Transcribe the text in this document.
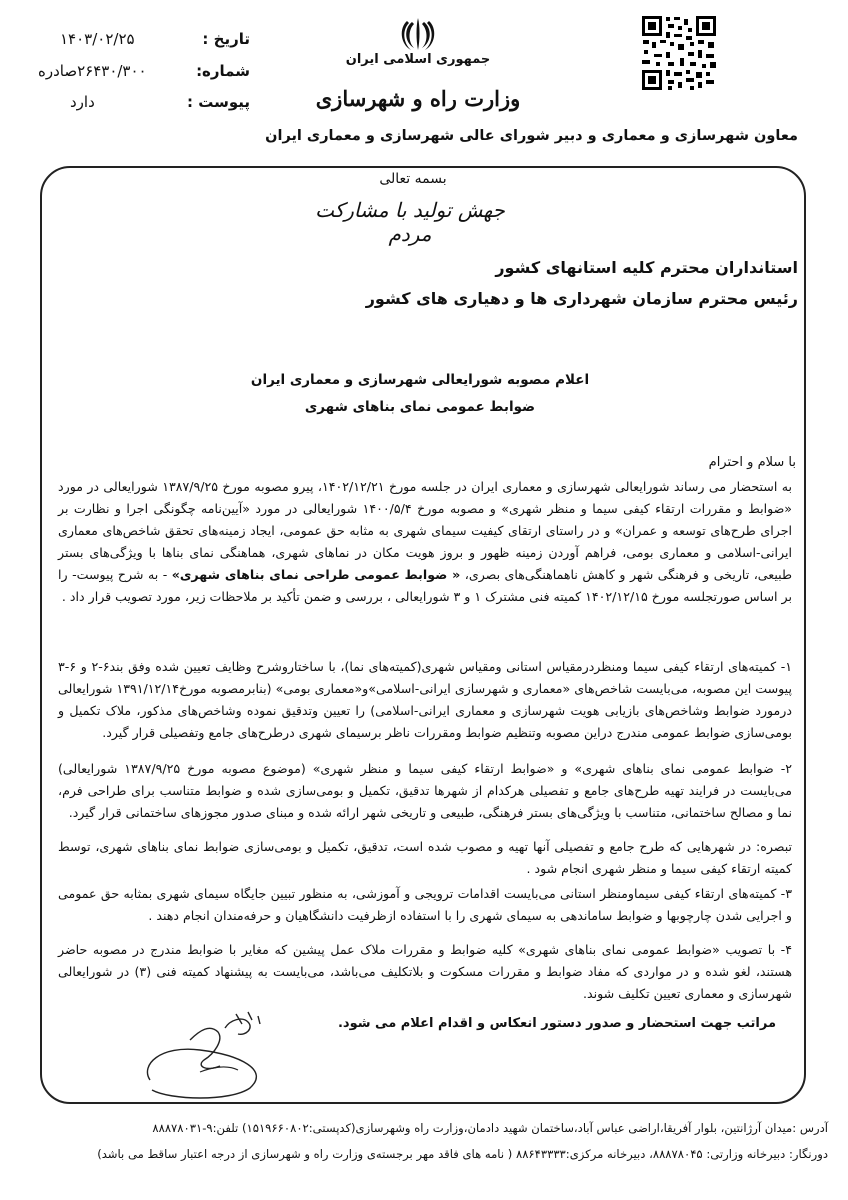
تاریخ :
۱۴۰۳/۰۲/۲۵
شماره:
۲۶۴۳۰/۳۰۰صادره
پیوست :
دارد
جمهوری اسلامی ایران
وزارت راه و شهرسازی
معاون شهرسازی و معماری و دبیر شورای عالی شهرسازی و معماری ایران
بسمه تعالی
جهش تولید با مشارکت مردم
استانداران محترم کلیه استانهای کشور
رئیس محترم سازمان شهرداری ها و دهیاری های کشور
اعلام مصوبه شورایعالی شهرسازی و معماری ایران
ضوابط عمومی نمای بناهای شهری
با سلام و احترام

به استحضار می رساند شورایعالی شهرسازی و معماری ایران در جلسه مورخ ۱۴۰۲/۱۲/۲۱، پیرو مصوبه مورخ ۱۳۸۷/۹/۲۵ شورایعالی در مورد «ضوابط و مقررات ارتقاء کیفی سیما و منظر شهری» و مصوبه مورخ ۱۴۰۰/۵/۴ شورایعالی در مورد «آیین‌نامه چگونگی اجرا و نظارت بر اجرای طرح‌های توسعه و عمران» و در راستای ارتقای کیفیت سیمای شهری به مثابه حق عمومی، ایجاد زمینه‌های تحقق شاخص‌های معماری ایرانی-اسلامی و معماری بومی، فراهم آوردن زمینه ظهور و بروز هویت مکان در نماهای شهری، هماهنگی نمای بناها با ویژگی‌های بستر طبیعی، تاریخی و فرهنگی شهر و کاهش ناهماهنگی‌های بصری، « ضوابط عمومی طراحی نمای بناهای شهری» - به شرح پیوست- را بر اساس صورتجلسه مورخ ۱۴۰۲/۱۲/۱۵ کمیته فنی مشترک ۱ و ۳ شورایعالی ، بررسی و ضمن تأکید بر ملاحظات زیر، مورد تصویب قرار داد .

۱- کمیته‌های ارتقاء کیفی سیما ومنظردرمقیاس استانی ومقیاس شهری(کمیته‌های نما)، با ساختاروشرح وظایف تعیین شده وفق بند۶-۲ و ۶-۳ پیوست این مصوبه، می‌بایست شاخص‌های «معماری و شهرسازی ایرانی-اسلامی»و«معماری بومی» (بنابرمصوبه مورخ۱۳۹۱/۱۲/۱۴ شورایعالی درمورد ضوابط وشاخص‌های بازیابی هویت شهرسازی و معماری ایرانی-اسلامی) را تعیین وتدقیق نموده وشاخص‌های مذکور، ملاک تکمیل و بومی‌سازی ضوابط عمومی مندرج دراین مصوبه وتنظیم ضوابط ومقررات ناظر برسیمای شهری درطرح‌های جامع وتفصیلی قرار گیرد.
۲- ضوابط عمومی نمای بناهای شهری» و «ضوابط ارتقاء کیفی سیما و منظر شهری» (موضوع مصوبه مورخ ۱۳۸۷/۹/۲۵ شورایعالی) می‌بایست در فرایند تهیه طرح‌های جامع و تفصیلی هرکدام از شهرها تدقیق، تکمیل و بومی‌سازی شده و ضوابط متناسب برای طراحی فرم، نما و مصالح ساختمانی، متناسب با ویژگی‌های بستر فرهنگی، طبیعی و تاریخی شهر ارائه شده و مبنای صدور مجوزهای ساختمانی قرار گیرد.
تبصره: در شهرهایی که طرح جامع و تفصیلی آنها تهیه و مصوب شده است، تدقیق، تکمیل و بومی‌سازی ضوابط نمای بناهای شهری، توسط کمیته ارتقاء کیفی سیما و منظر شهری انجام شود .
۳- کمیته‌های ارتقاء کیفی سیماومنظر استانی می‌بایست اقدامات ترویجی و آموزشی، به منظور تبیین جایگاه سیمای شهری بمثابه حق عمومی و اجرایی شدن چارچوبها و ضوابط ساماندهی به سیمای شهری را با استفاده ازظرفیت دانشگاهیان و حرفه‌مندان انجام دهند .
۴- با تصویب «ضوابط عمومی نمای بناهای شهری» کلیه ضوابط و مقررات ملاک عمل پیشین که مغایر با ضوابط مندرج در مصوبه حاضر هستند، لغو شده و در مواردی که مفاد ضوابط و مقررات مسکوت و بلاتکلیف می‌باشد، می‌بایست به پیشنهاد کمیته فنی (۳) در شورایعالی شهرسازی و معماری تعیین تکلیف شوند.
مراتب جهت استحضار و صدور دستور انعکاس و اقدام اعلام می شود.
آدرس :میدان آرژانتین، بلوار آفریقا،اراضی عباس آباد،ساختمان شهید دادمان،وزارت راه وشهرسازی(کدپستی:۱۵۱۹۶۶۰۸۰۲) تلفن:۹-۸۸۸۷۸۰۳۱
دورنگار: دبیرخانه وزارتی: ۸۸۸۷۸۰۴۵، دبیرخانه مرکزی:۸۸۶۴۳۳۳۳ ( نامه های فاقد مهر برجسته‌ی وزارت راه و شهرسازی از درجه اعتبار ساقط می باشد)
